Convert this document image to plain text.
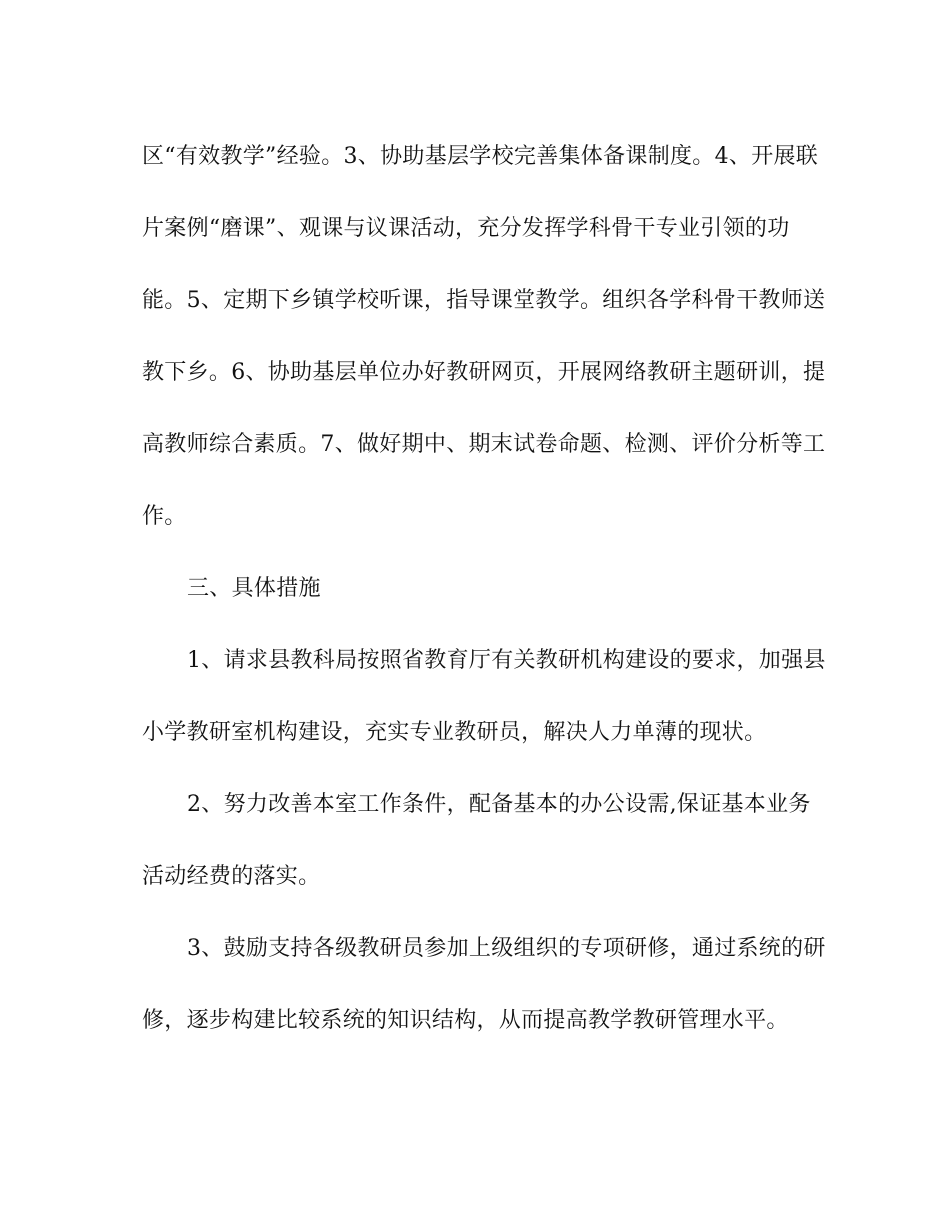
区“有效教学”经验。3、协助基层学校完善集体备课制度。4、开展联
片案例“磨课”、观课与议课活动，充分发挥学科骨干专业引领的功
能。5、定期下乡镇学校听课，指导课堂教学。组织各学科骨干教师送
教下乡。6、协助基层单位办好教研网页，开展网络教研主题研训，提
高教师综合素质。7、做好期中、期末试卷命题、检测、评价分析等工
作。
三、具体措施
1、请求县教科局按照省教育厅有关教研机构建设的要求，加强县
小学教研室机构建设，充实专业教研员，解决人力单薄的现状。
2、努力改善本室工作条件，配备基本的办公设需,保证基本业务
活动经费的落实。
3、鼓励支持各级教研员参加上级组织的专项研修，通过系统的研
修，逐步构建比较系统的知识结构，从而提高教学教研管理水平。
